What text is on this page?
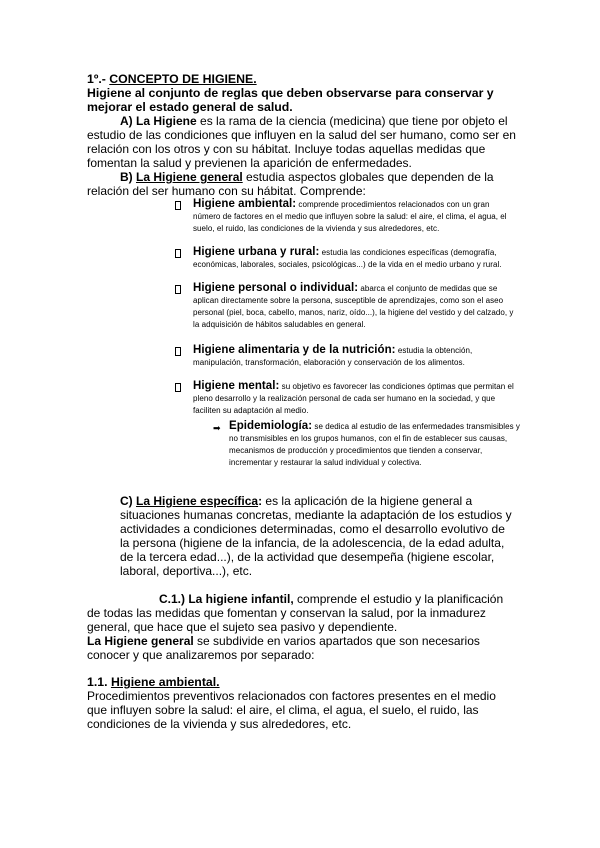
1º.- CONCEPTO DE HIGIENE.

Higiene al conjunto de reglas que deben observarse para conservar y mejorar el estado general de salud.

A) La Higiene es la rama de la ciencia (medicina) que tiene por objeto el estudio de las condiciones que influyen en la salud del ser humano, como ser en relación con los otros y con su hábitat. Incluye todas aquellas medidas que fomentan la salud y previenen la aparición de enfermedades.

B) La Higiene general estudia aspectos globales que dependen de la relación del ser humano con su hábitat. Comprende:

Higiene ambiental: comprende procedimientos relacionados con un gran número de factores en el medio que influyen sobre la salud: el aire, el clima, el agua, el suelo, el ruido, las condiciones de la vivienda y sus alrededores, etc.

Higiene urbana y rural: estudia las condiciones específicas (demografía, económicas, laborales, sociales, psicológicas...) de la vida en el medio urbano y rural.

Higiene personal o individual: abarca el conjunto de medidas que se aplican directamente sobre la persona, susceptible de aprendizajes, como son el aseo personal (piel, boca, cabello, manos, nariz, oído...), la higiene del vestido y del calzado, y la adquisición de hábitos saludables en general.

Higiene alimentaria y de la nutrición: estudia la obtención, manipulación, transformación, elaboración y conservación de los alimentos.

Higiene mental: su objetivo es favorecer las condiciones óptimas que permitan el pleno desarrollo y la realización personal de cada ser humano en la sociedad, y que faciliten su adaptación al medio.

➡ Epidemiología: se dedica al estudio de las enfermedades transmisibles y no transmisibles en los grupos humanos, con el fin de establecer sus causas, mecanismos de producción y procedimientos que tienden a conservar, incrementar y restaurar la salud individual y colectiva.

C) La Higiene específica: es la aplicación de la higiene general a situaciones humanas concretas, mediante la adaptación de los estudios y actividades a condiciones determinadas, como el desarrollo evolutivo de la persona (higiene de la infancia, de la adolescencia, de la edad adulta, de la tercera edad...), de la actividad que desempeña (higiene escolar, laboral, deportiva...), etc.

C.1.) La higiene infantil, comprende el estudio y la planificación de todas las medidas que fomentan y conservan la salud, por la inmadurez general, que hace que el sujeto sea pasivo y dependiente.

La Higiene general se subdivide en varios apartados que son necesarios conocer y que analizaremos por separado:

1.1. Higiene ambiental.

Procedimientos preventivos relacionados con factores presentes en el medio que influyen sobre la salud: el aire, el clima, el agua, el suelo, el ruido, las condiciones de la vivienda y sus alrededores, etc.
